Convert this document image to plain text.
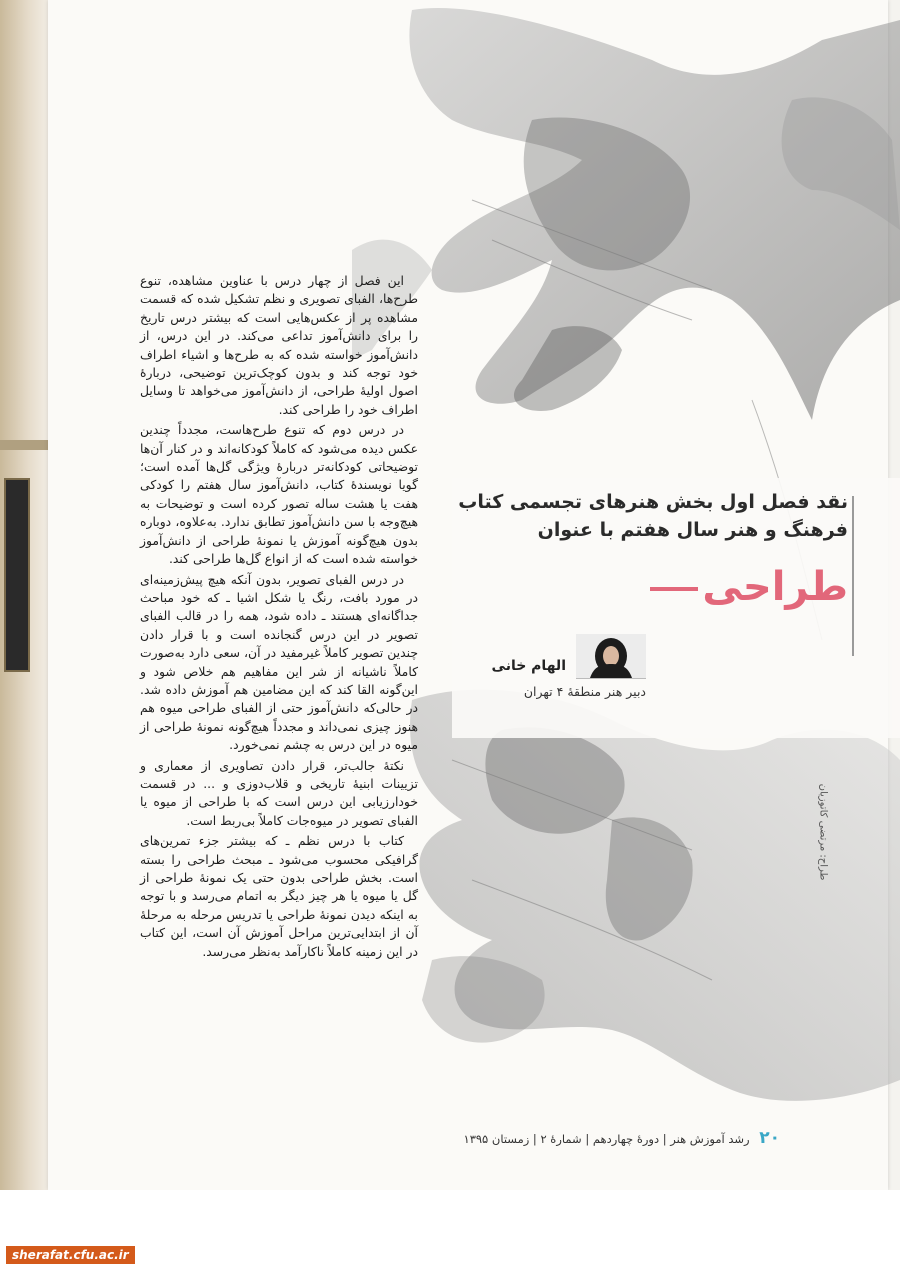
این فصل از چهار درس با عناوین مشاهده، تنوع طرح‌ها، الفبای تصویری و نظم تشکیل شده که قسمت مشاهده پر از عکس‌هایی است که بیشتر درس تاریخ را برای دانش‌آموز تداعی می‌کند. در این درس، از دانش‌آموز خواسته شده که به طرح‌ها و اشیاء اطراف خود توجه کند و بدون کوچک‌ترین توضیحی، دربارهٔ اصول اولیهٔ طراحی، از دانش‌آموز می‌خواهد تا وسایل اطراف خود را طراحی کند.

در درس دوم که تنوع طرح‌هاست، مجدداً چندین عکس دیده می‌شود که کاملاً کودکانه‌اند و در کنار آن‌ها توضیحاتی کودکانه‌تر دربارهٔ ویژگی گل‌ها آمده است؛ گویا نویسندهٔ کتاب، دانش‌آموز سال هفتم را کودکی هفت یا هشت ساله تصور کرده است و توضیحات به هیچ‌وجه با سن دانش‌آموز تطابق ندارد. به‌علاوه، دوباره بدون هیچ‌گونه آموزش یا نمونهٔ طراحی از دانش‌آموز خواسته شده است که از انواع گل‌ها طراحی کند.

در درس الفبای تصویر، بدون آنکه هیچ پیش‌زمینه‌ای در مورد بافت، رنگ یا شکل اشیا ـ که خود مباحث جداگانه‌ای هستند ـ داده شود، همه را در قالب الفبای تصویر در این درس گنجانده است و با قرار دادن چندین تصویر کاملاً غیرمفید در آن، سعی دارد به‌صورت کاملاً ناشیانه از شر این مفاهیم هم خلاص شود و این‌گونه القا کند که این مضامین هم آموزش داده شد. در حالی‌که دانش‌آموز حتی از الفبای طراحی میوه هم هنوز چیزی نمی‌داند و مجدداً هیچ‌گونه نمونهٔ طراحی از میوه در این درس به چشم نمی‌خورد.

نکتهٔ جالب‌تر، قرار دادن تصاویری از معماری و تزیینات ابنیهٔ تاریخی و قلاب‌دوزی و ... در قسمت خودارزیابی این درس است که با طراحی از میوه یا الفبای تصویر در میوه‌جات کاملاً بی‌ربط است.

کتاب با درس نظم ـ که بیشتر جزء تمرین‌های گرافیکی محسوب می‌شود ـ مبحث طراحی را بسته است. بخش طراحی بدون حتی یک نمونهٔ طراحی از گل یا میوه یا هر چیز دیگر به اتمام می‌رسد و با توجه به اینکه دیدن نمونهٔ طراحی یا تدریس مرحله به مرحلهٔ آن از ابتدایی‌ترین مراحل آموزش آن است، این کتاب در این زمینه کاملاً ناکارآمد به‌نظر می‌رسد.

نقد فصل اول بخش هنرهای تجسمی کتاب
فرهنگ و هنر سال هفتم با عنوان
طراحی
الهام خانی
دبیر هنر منطقهٔ ۴ تهران
طراح: مرتضی کاتوزیان
۲۰ رشد آموزش هنر | دورهٔ چهاردهم | شمارهٔ ۲ | زمستان ۱۳۹۵
sherafat.cfu.ac.ir
